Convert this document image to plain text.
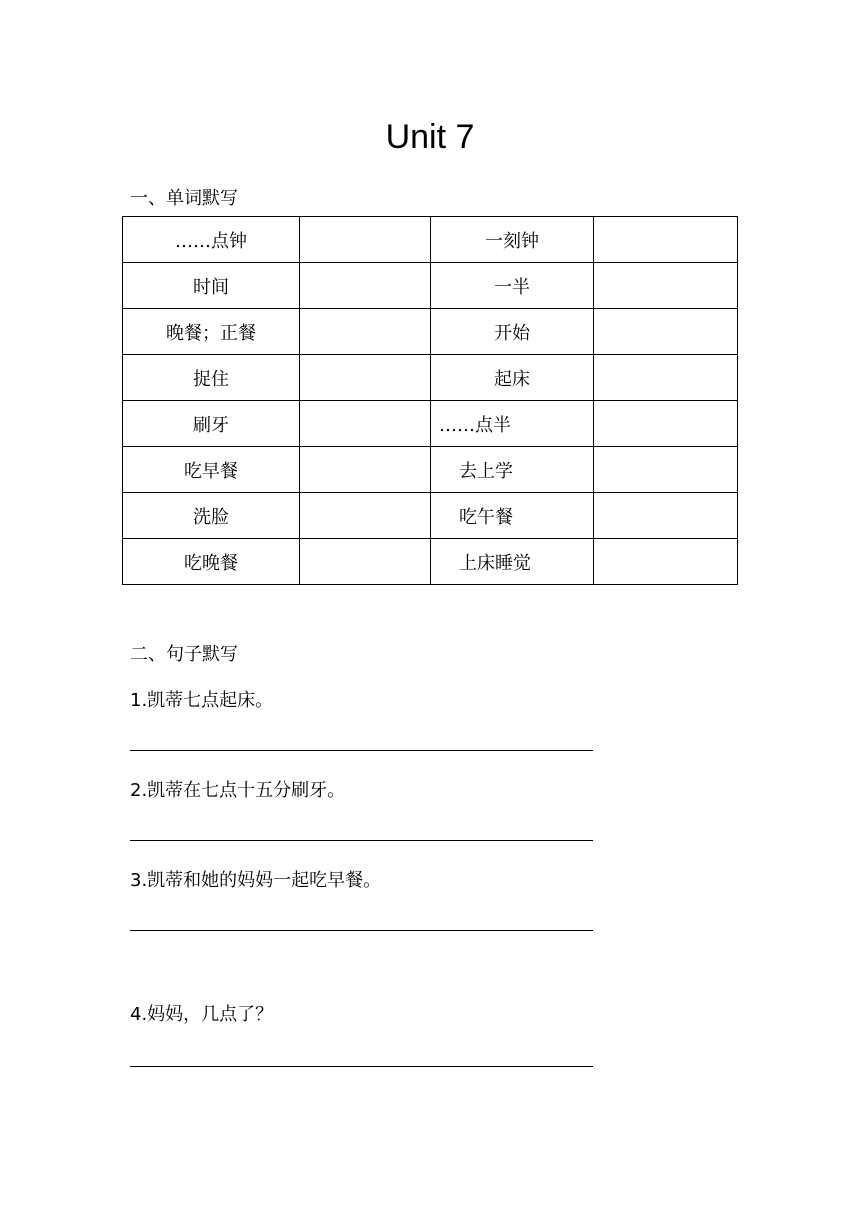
Unit 7
一、单词默写
……点钟		一刻钟	
时间		一半	
晚餐；正餐		开始	
捉住		起床	
刷牙		……点半	
吃早餐		去上学	
洗脸		吃午餐	
吃晚餐		上床睡觉	
二、句子默写
1.凯蒂七点起床。
2.凯蒂在七点十五分刷牙。
3.凯蒂和她的妈妈一起吃早餐。
4.妈妈，几点了？
